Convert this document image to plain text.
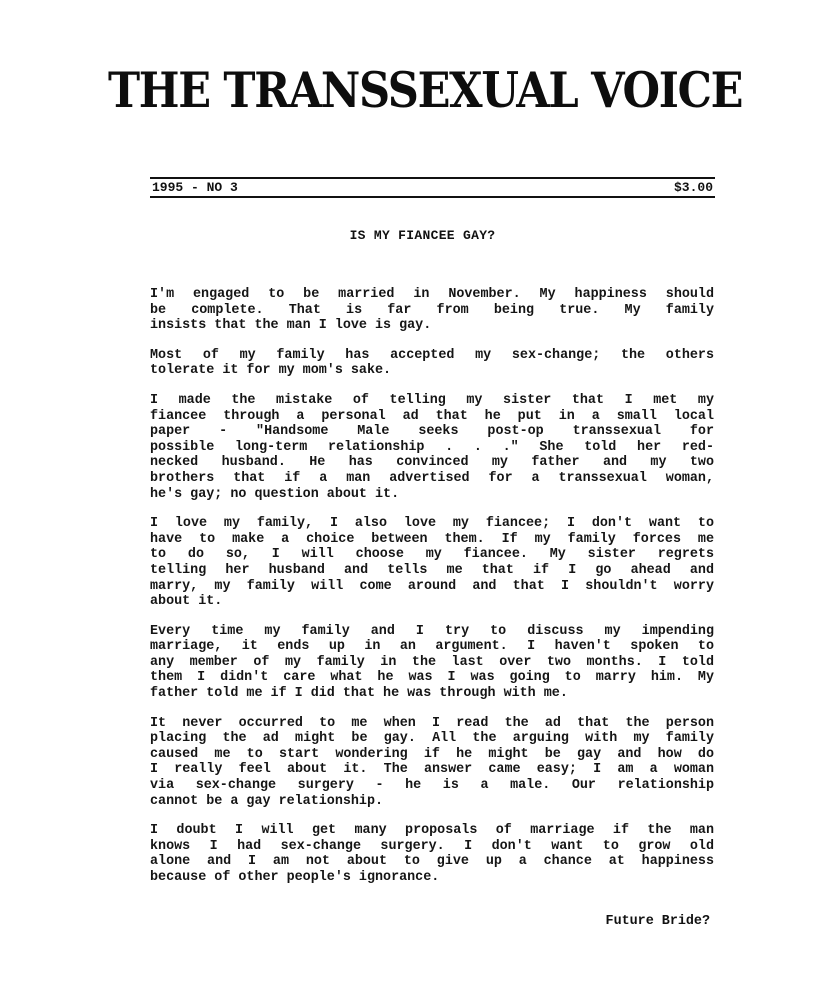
THE TRANSSEXUAL VOICE
1995 - NO 3	$3.00
IS MY FIANCEE GAY?
I'm engaged to be married in November. My happiness should
be complete. That is far from being true. My family
insists that the man I love is gay.
Most of my family has accepted my sex-change; the others
tolerate it for my mom's sake.
I made the mistake of telling my sister that I met my
fiancee through a personal ad that he put in a small local
paper - "Handsome Male seeks post-op transsexual for
possible long-term relationship . . ." She told her red-
necked husband. He has convinced my father and my two
brothers that if a man advertised for a transsexual woman,
he's gay; no question about it.
I love my family, I also love my fiancee; I don't want to
have to make a choice between them. If my family forces me
to do so, I will choose my fiancee. My sister regrets
telling her husband and tells me that if I go ahead and
marry, my family will come around and that I shouldn't worry
about it.
Every time my family and I try to discuss my impending
marriage, it ends up in an argument. I haven't spoken to
any member of my family in the last over two months. I told
them I didn't care what he was I was going to marry him. My
father told me if I did that he was through with me.
It never occurred to me when I read the ad that the person
placing the ad might be gay. All the arguing with my family
caused me to start wondering if he might be gay and how do
I really feel about it. The answer came easy; I am a woman
via sex-change surgery - he is a male. Our relationship
cannot be a gay relationship.
I doubt I will get many proposals of marriage if the man
knows I had sex-change surgery. I don't want to grow old
alone and I am not about to give up a chance at happiness
because of other people's ignorance.
Future Bride?
